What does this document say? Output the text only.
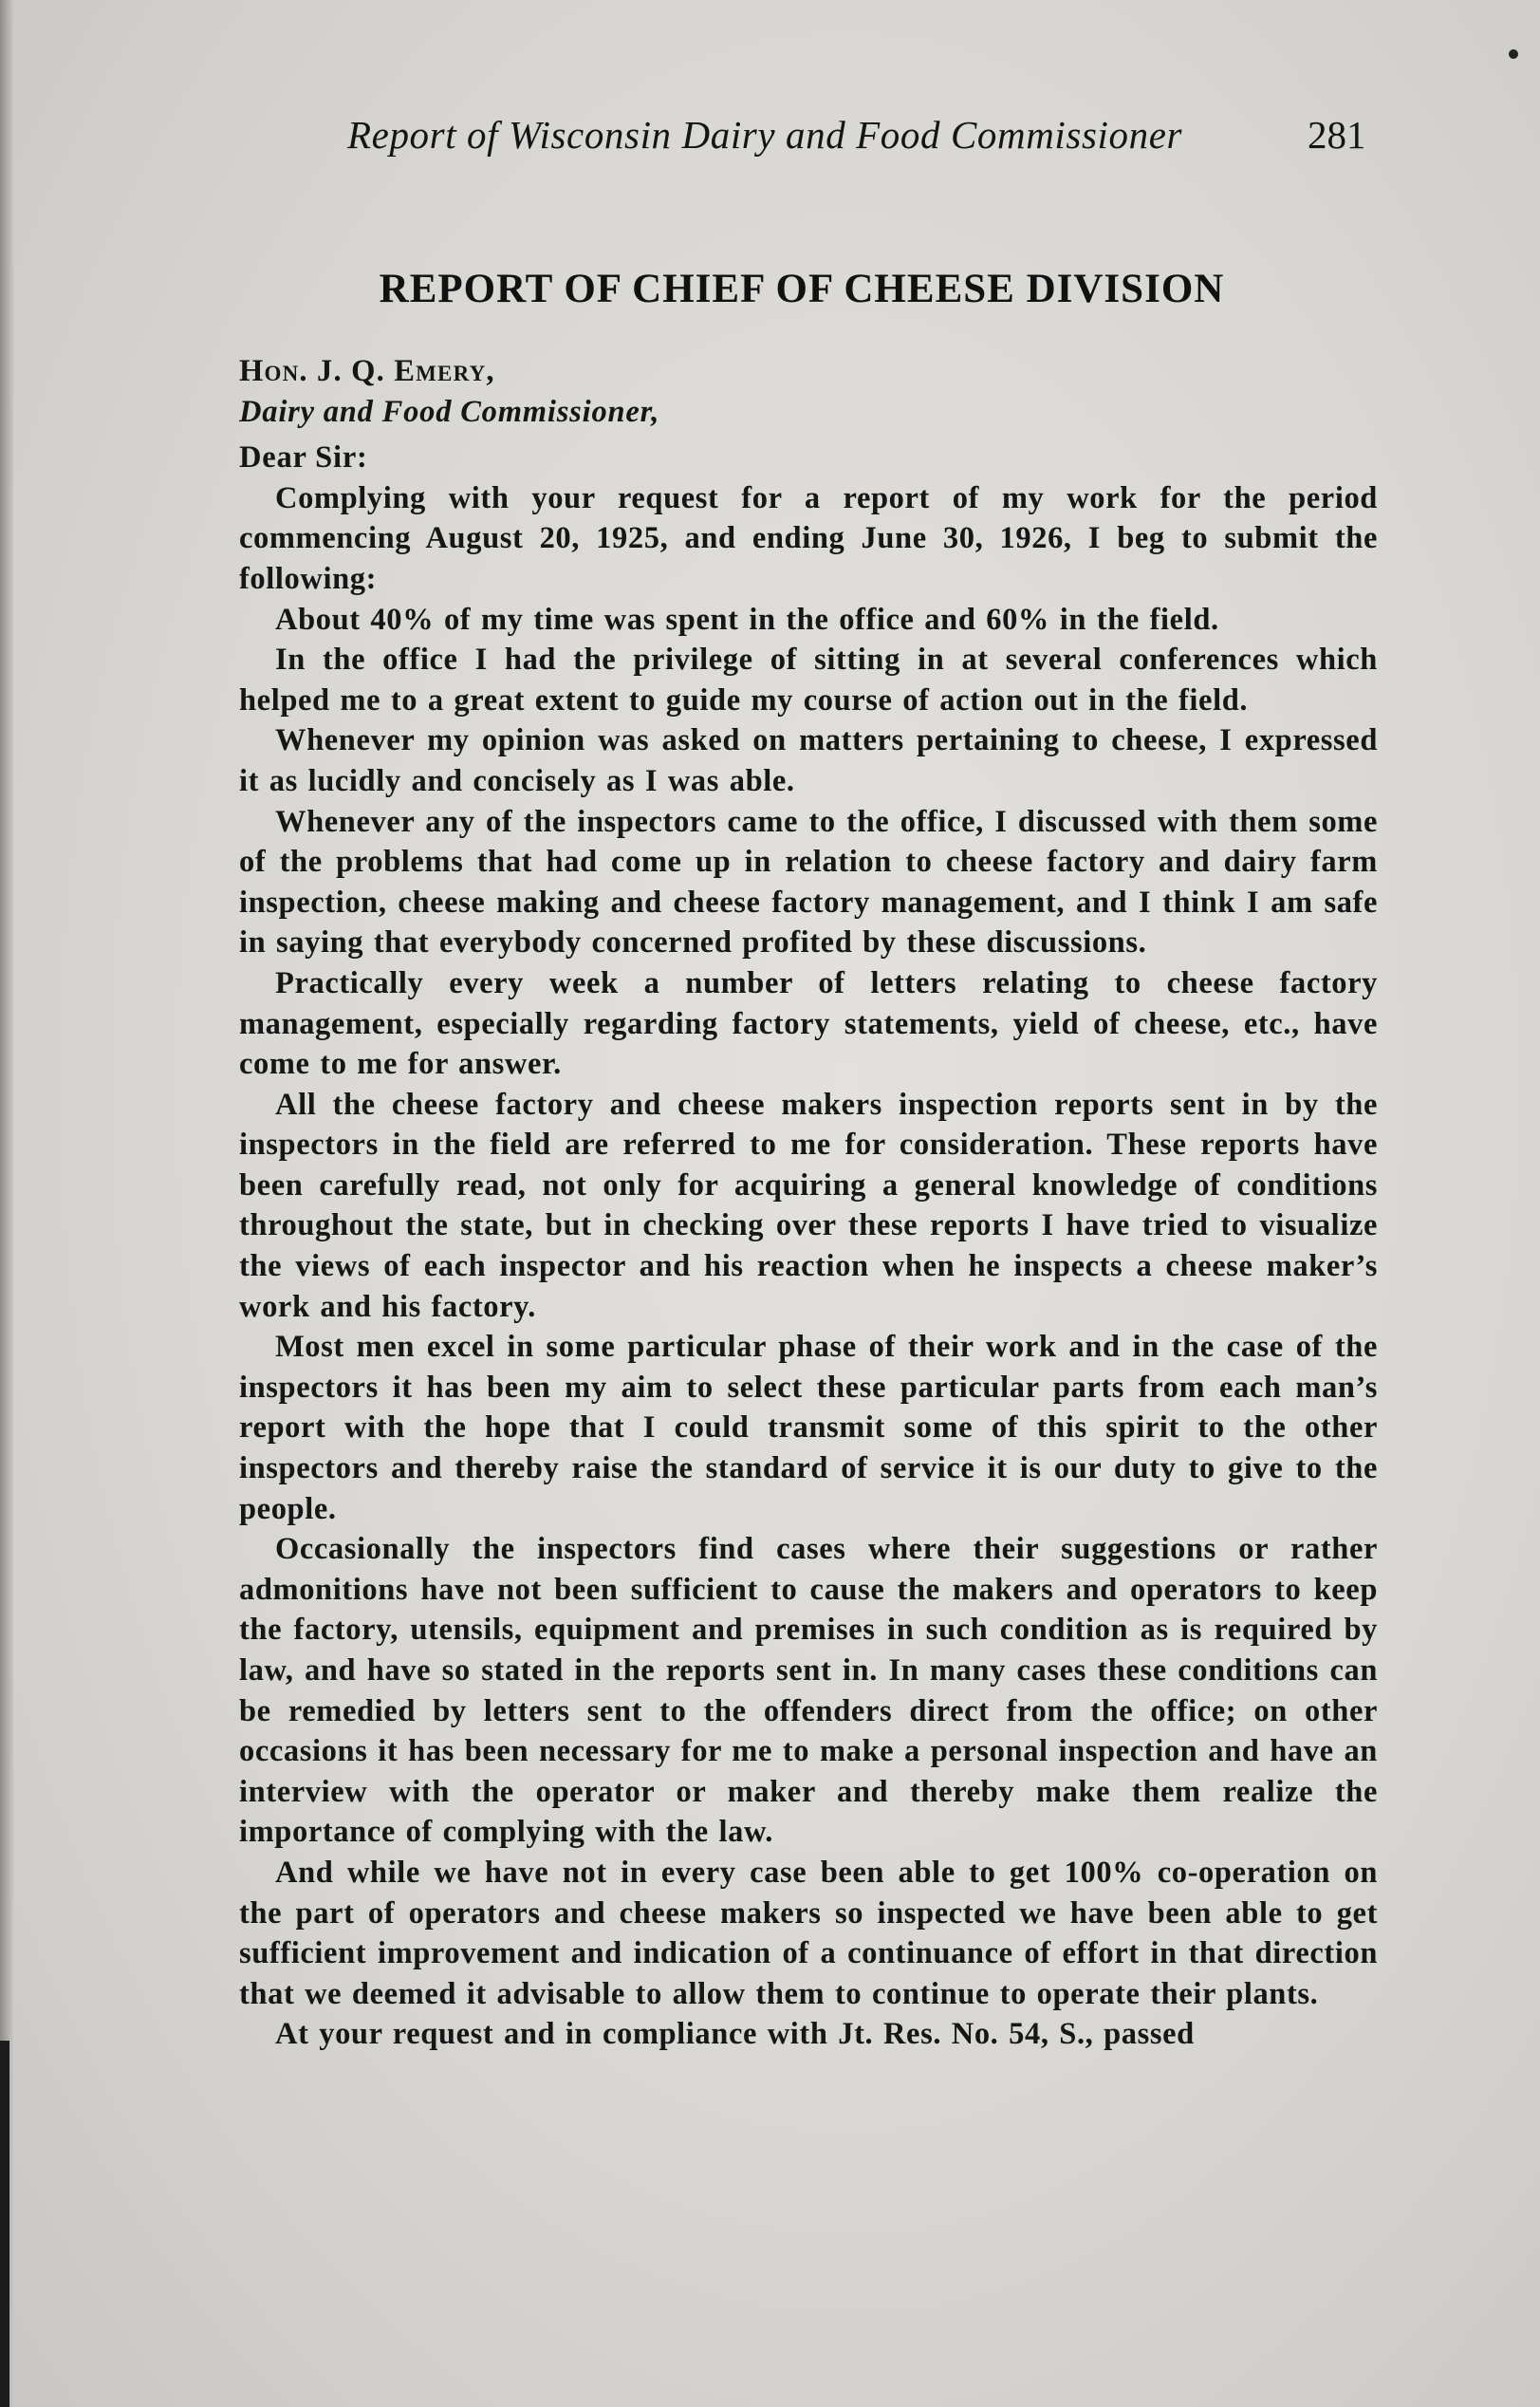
Report of Wisconsin Dairy and Food Commissioner	281
REPORT OF CHIEF OF CHEESE DIVISION

Hon. J. Q. Emery,

Dairy and Food Commissioner,

Dear Sir:

Complying with your request for a report of my work for the period commencing August 20, 1925, and ending June 30, 1926, I beg to submit the following:

About 40% of my time was spent in the office and 60% in the field.

In the office I had the privilege of sitting in at several conferences which helped me to a great extent to guide my course of action out in the field.

Whenever my opinion was asked on matters pertaining to cheese, I expressed it as lucidly and concisely as I was able.

Whenever any of the inspectors came to the office, I discussed with them some of the problems that had come up in relation to cheese factory and dairy farm inspection, cheese making and cheese factory management, and I think I am safe in saying that everybody concerned profited by these discussions.

Practically every week a number of letters relating to cheese factory management, especially regarding factory statements, yield of cheese, etc., have come to me for answer.

All the cheese factory and cheese makers inspection reports sent in by the inspectors in the field are referred to me for consideration. These reports have been carefully read, not only for acquiring a general knowledge of conditions throughout the state, but in checking over these reports I have tried to visualize the views of each inspector and his reaction when he inspects a cheese maker’s work and his factory.

Most men excel in some particular phase of their work and in the case of the inspectors it has been my aim to select these particular parts from each man’s report with the hope that I could transmit some of this spirit to the other inspectors and thereby raise the standard of service it is our duty to give to the people.

Occasionally the inspectors find cases where their suggestions or rather admonitions have not been sufficient to cause the makers and operators to keep the factory, utensils, equipment and premises in such condition as is required by law, and have so stated in the reports sent in. In many cases these conditions can be remedied by letters sent to the offenders direct from the office; on other occasions it has been necessary for me to make a personal inspection and have an interview with the operator or maker and thereby make them realize the importance of complying with the law.

And while we have not in every case been able to get 100% co-operation on the part of operators and cheese makers so inspected we have been able to get sufficient improvement and indication of a continuance of effort in that direction that we deemed it advisable to allow them to continue to operate their plants.

At your request and in compliance with Jt. Res. No. 54, S., passed
